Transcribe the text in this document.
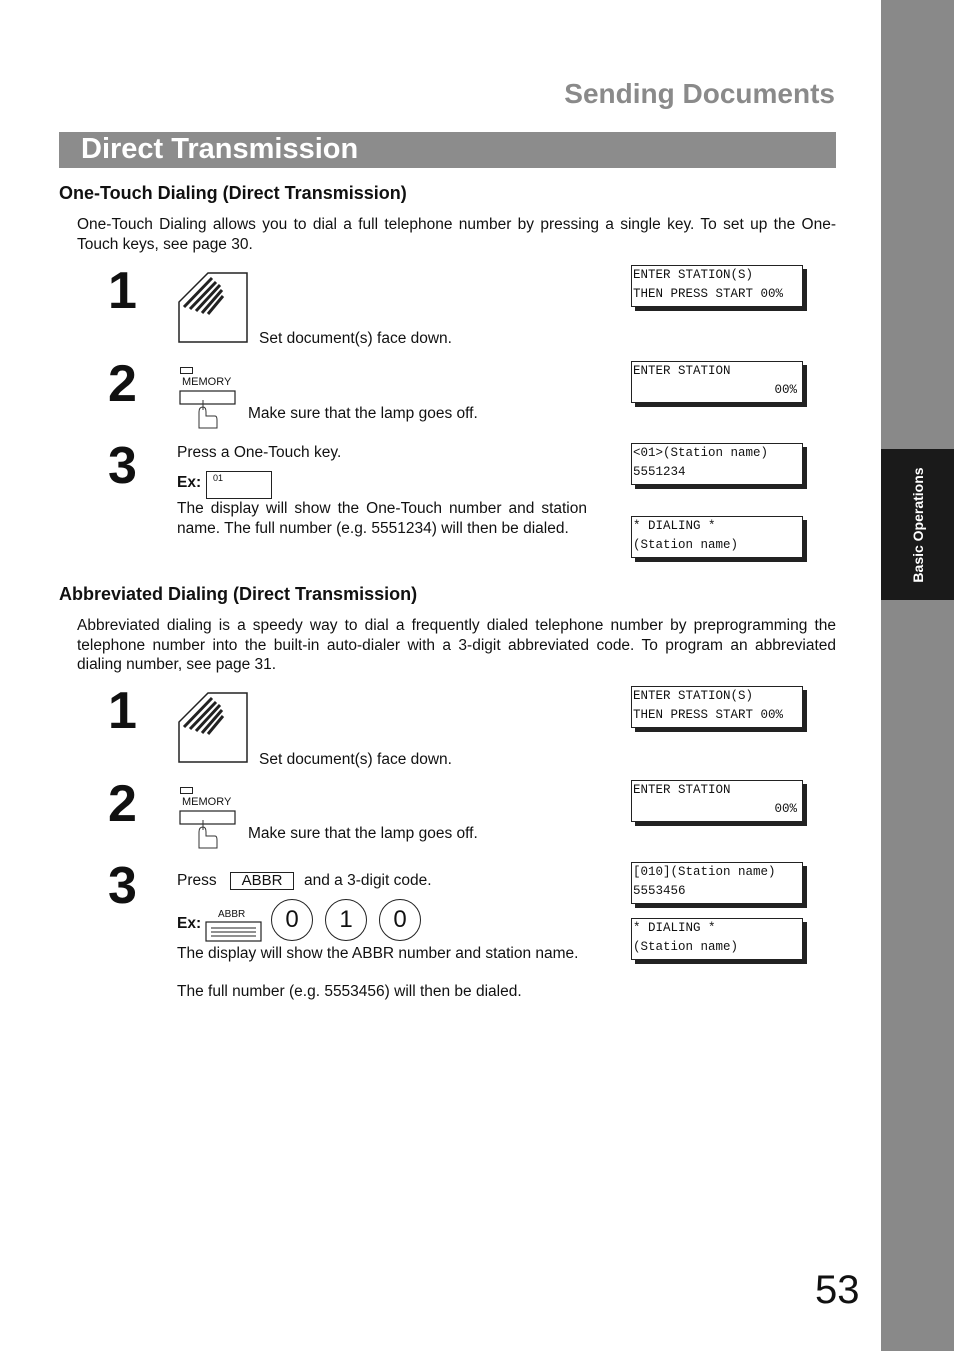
Basic Operations
Sending Documents
Direct Transmission
One-Touch Dialing (Direct Transmission)
One-Touch Dialing allows you to dial a full telephone number by pressing a single key. To set up the One-Touch keys, see page 30.
1
Set document(s) face down.
ENTER STATION(S)
THEN PRESS START 00%
2	MEMORY
Make sure that the lamp goes off.
ENTER STATION
00%
3	Press a One-Touch key.
Ex: 01
The display will show the One-Touch number and station name. The full number (e.g. 5551234) will then be dialed.
<01>(Station name)
5551234
* DIALING *
(Station name)
Abbreviated Dialing (Direct Transmission)
Abbreviated dialing is a speedy way to dial a frequently dialed telephone number by preprogramming the telephone number into the built-in auto-dialer with a 3-digit abbreviated code. To program an abbreviated dialing number, see page 31.
1
Set document(s) face down.
ENTER STATION(S)
THEN PRESS START 00%
2	MEMORY
Make sure that the lamp goes off.
ENTER STATION
00%
3	Press	ABBR	and a 3-digit code.
Ex:
ABBR	0	1	0
The display will show the ABBR number and station name.
The full number (e.g. 5553456) will then be dialed.
[010](Station name)
5553456
* DIALING *
(Station name)
53
